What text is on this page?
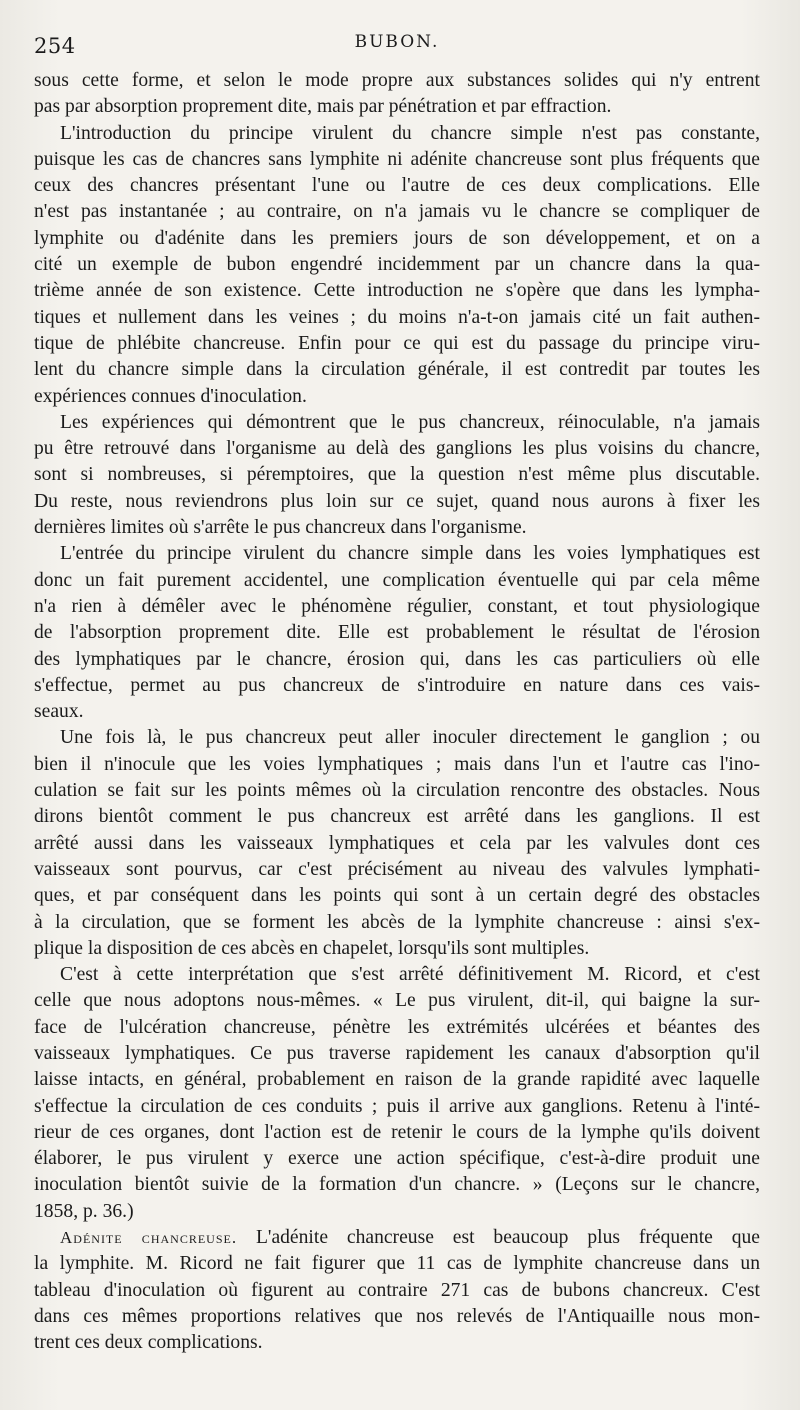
254	BUBON.
sous cette forme, et selon le mode propre aux substances solides qui n'y entrent
pas par absorption proprement dite, mais par pénétration et par effraction.
L'introduction du principe virulent du chancre simple n'est pas constante,
puisque les cas de chancres sans lymphite ni adénite chancreuse sont plus fréquents que
ceux des chancres présentant l'une ou l'autre de ces deux complications. Elle
n'est pas instantanée ; au contraire, on n'a jamais vu le chancre se compliquer de
lymphite ou d'adénite dans les premiers jours de son développement, et on a
cité un exemple de bubon engendré incidemment par un chancre dans la qua-
trième année de son existence. Cette introduction ne s'opère que dans les lympha-
tiques et nullement dans les veines ; du moins n'a-t-on jamais cité un fait authen-
tique de phlébite chancreuse. Enfin pour ce qui est du passage du principe viru-
lent du chancre simple dans la circulation générale, il est contredit par toutes les
expériences connues d'inoculation.
Les expériences qui démontrent que le pus chancreux, réinoculable, n'a jamais
pu être retrouvé dans l'organisme au delà des ganglions les plus voisins du chancre,
sont si nombreuses, si péremptoires, que la question n'est même plus discutable.
Du reste, nous reviendrons plus loin sur ce sujet, quand nous aurons à fixer les
dernières limites où s'arrête le pus chancreux dans l'organisme.
L'entrée du principe virulent du chancre simple dans les voies lymphatiques est
donc un fait purement accidentel, une complication éventuelle qui par cela même
n'a rien à démêler avec le phénomène régulier, constant, et tout physiologique
de l'absorption proprement dite. Elle est probablement le résultat de l'érosion
des lymphatiques par le chancre, érosion qui, dans les cas particuliers où elle
s'effectue, permet au pus chancreux de s'introduire en nature dans ces vais-
seaux.
Une fois là, le pus chancreux peut aller inoculer directement le ganglion ; ou
bien il n'inocule que les voies lymphatiques ; mais dans l'un et l'autre cas l'ino-
culation se fait sur les points mêmes où la circulation rencontre des obstacles. Nous
dirons bientôt comment le pus chancreux est arrêté dans les ganglions. Il est
arrêté aussi dans les vaisseaux lymphatiques et cela par les valvules dont ces
vaisseaux sont pourvus, car c'est précisément au niveau des valvules lymphati-
ques, et par conséquent dans les points qui sont à un certain degré des obstacles
à la circulation, que se forment les abcès de la lymphite chancreuse : ainsi s'ex-
plique la disposition de ces abcès en chapelet, lorsqu'ils sont multiples.
C'est à cette interprétation que s'est arrêté définitivement M. Ricord, et c'est
celle que nous adoptons nous-mêmes. « Le pus virulent, dit-il, qui baigne la sur-
face de l'ulcération chancreuse, pénètre les extrémités ulcérées et béantes des
vaisseaux lymphatiques. Ce pus traverse rapidement les canaux d'absorption qu'il
laisse intacts, en général, probablement en raison de la grande rapidité avec laquelle
s'effectue la circulation de ces conduits ; puis il arrive aux ganglions. Retenu à l'inté-
rieur de ces organes, dont l'action est de retenir le cours de la lymphe qu'ils doivent
élaborer, le pus virulent y exerce une action spécifique, c'est-à-dire produit une
inoculation bientôt suivie de la formation d'un chancre. » (Leçons sur le chancre,
1858, p. 36.)
Adénite chancreuse. L'adénite chancreuse est beaucoup plus fréquente que
la lymphite. M. Ricord ne fait figurer que 11 cas de lymphite chancreuse dans un
tableau d'inoculation où figurent au contraire 271 cas de bubons chancreux. C'est
dans ces mêmes proportions relatives que nos relevés de l'Antiquaille nous mon-
trent ces deux complications.
